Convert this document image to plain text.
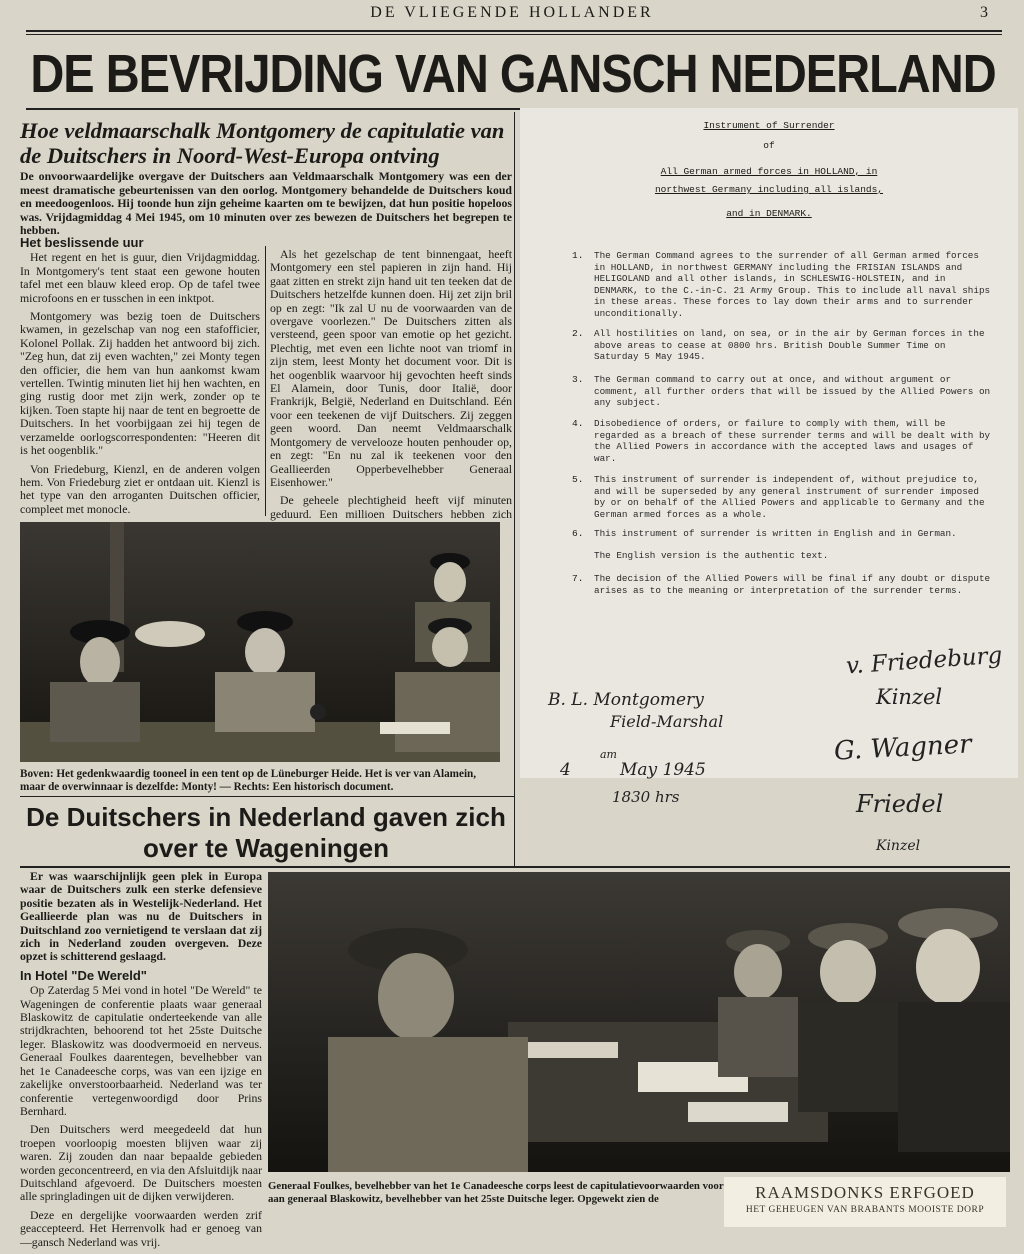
DE VLIEGENDE HOLLANDER	3
DE BEVRIJDING VAN GANSCH NEDERLAND
Hoe veldmaarschalk Montgomery de capitulatie van de Duitschers in Noord-West-Europa ontving
De onvoorwaardelijke overgave der Duitschers aan Veldmaarschalk Montgomery was een der meest dramatische gebeurtenissen van den oorlog. Montgomery behandelde de Duitschers koud en meedoogenloos. Hij toonde hun zijn geheime kaarten om te bewijzen, dat hun positie hopeloos was. Vrijdagmiddag 4 Mei 1945, om 10 minuten over zes bewezen de Duitschers het begrepen te hebben.
Het beslissende uur

Het regent en het is guur, dien Vrijdagmiddag. In Montgomery's tent staat een gewone houten tafel met een blauw kleed erop. Op de tafel twee microfoons en er tusschen in een inktpot.

Montgomery was bezig toen de Duitschers kwamen, in gezelschap van nog een stafofficier, Kolonel Pollak. Zij hadden het antwoord bij zich. "Zeg hun, dat zij even wachten," zei Monty tegen den officier, die hem van hun aankomst kwam vertellen. Twintig minuten liet hij hen wachten, en ging rustig door met zijn werk, zonder op te kijken. Toen stapte hij naar de tent en begroette de Duitschers. In het voorbijgaan zei hij tegen de verzamelde oorlogscorrespondenten: "Heeren dit is het oogenblik."

Von Friedeburg, Kienzl, en de anderen volgen hem. Von Friedeburg ziet er ontdaan uit. Kienzl is het type van den arroganten Duitschen officier, compleet met monocle.

Als het gezelschap de tent binnengaat, heeft Montgomery een stel papieren in zijn hand. Hij gaat zitten en strekt zijn hand uit ten teeken dat de Duitschers hetzelfde kunnen doen. Hij zet zijn bril op en zegt: "Ik zal U nu de voorwaarden van de overgave voorlezen." De Duitschers zitten als versteend, geen spoor van emotie op het gezicht. Plechtig, met even een lichte noot van triomf in zijn stem, leest Monty het document voor. Dit is het oogenblik waarvoor hij gevochten heeft sinds El Alamein, door Tunis, door Italië, door Frankrijk, België, Nederland en Duitschland. Eén voor een teekenen de vijf Duitschers. Zij zeggen geen woord. Dan neemt Veldmaarschalk Montgomery de vervelooze houten penhouder op, en zegt: "En nu zal ik teekenen voor den Geallieerden Opperbevelhebber Generaal Eisenhower."

De geheele plechtigheid heeft vijf minuten geduurd. Een millioen Duitschers hebben zich

Boven: Het gedenkwaardig tooneel in een tent op de Lüneburger Heide. Het is ver van Alamein, maar de overwinnaar is dezelfde: Monty! — Rechts: Een historisch document.
Instrument of Surrender
of
All German armed forces in HOLLAND, in
northwest Germany including all islands,
and in DENMARK.
1. The German Command agrees to the surrender of all German armed forces in HOLLAND, in northwest GERMANY including the FRISIAN ISLANDS and HELIGOLAND and all other islands, in SCHLESWIG-HOLSTEIN, and in DENMARK, to the C.-in-C. 21 Army Group. This to include all naval ships in these areas. These forces to lay down their arms and to surrender unconditionally.
2. All hostilities on land, on sea, or in the air by German forces in the above areas to cease at 0800 hrs. British Double Summer Time on Saturday 5 May 1945.
3. The German command to carry out at once, and without argument or comment, all further orders that will be issued by the Allied Powers on any subject.
4. Disobedience of orders, or failure to comply with them, will be regarded as a breach of these surrender terms and will be dealt with by the Allied Powers in accordance with the accepted laws and usages of war.
5. This instrument of surrender is independent of, without prejudice to, and will be superseded by any general instrument of surrender imposed by or on behalf of the Allied Powers and applicable to Germany and the German armed forces as a whole.
6. This instrument of surrender is written in English and in German.
The English version is the authentic text.
7. The decision of the Allied Powers will be final if any doubt or dispute arises as to the meaning or interpretation of the surrender terms.
B. L. Montgomery
Field-Marshal
am
4	May 1945
1830 hrs
v. Friedeburg
Kinzel
G. Wagner
Friedel
Kinzel
De Duitschers in Nederland gaven zich over te Wageningen

Er was waarschijnlijk geen plek in Europa waar de Duitschers zulk een sterke defensieve positie bezaten als in Westelijk-Nederland. Het Geallieerde plan was nu de Duitschers in Duitschland zoo vernietigend te verslaan dat zij zich in Nederland zouden overgeven. Deze opzet is schitterend geslaagd.

In Hotel "De Wereld"

Op Zaterdag 5 Mei vond in hotel "De Wereld" te Wageningen de conferentie plaats waar generaal Blaskowitz de capitulatie onderteekende van alle strijdkrachten, behoorend tot het 25ste Duitsche leger. Blaskowitz was doodvermoeid en nerveus. Generaal Foulkes daarentegen, bevelhebber van het 1e Canadeesche corps, was van een ijzige en zakelijke onverstoorbaarheid. Nederland was ter conferentie vertegenwoordigd door Prins Bernhard.

Den Duitschers werd meegedeeld dat hun troepen voorloopig moesten blijven waar zij waren. Zij zouden dan naar bepaalde gebieden worden geconcentreerd, en via den Afsluitdijk naar Duitschland afgevoerd. De Duitschers moesten alle springladingen uit de dijken verwijderen.

Deze en dergelijke voorwaarden werden zrif geaccepteerd. Het Herrenvolk had er genoeg van—gansch Nederland was vrij.

Generaal Foulkes, bevelhebber van het 1e Canadeesche corps leest de capitulatievoorwaarden voor aan generaal Blaskowitz, bevelhebber van het 25ste Duitsche leger. Opgewekt zien de	RAAMSDONKS ERFGOED
HET GEHEUGEN VAN BRABANTS MOOISTE DORP
